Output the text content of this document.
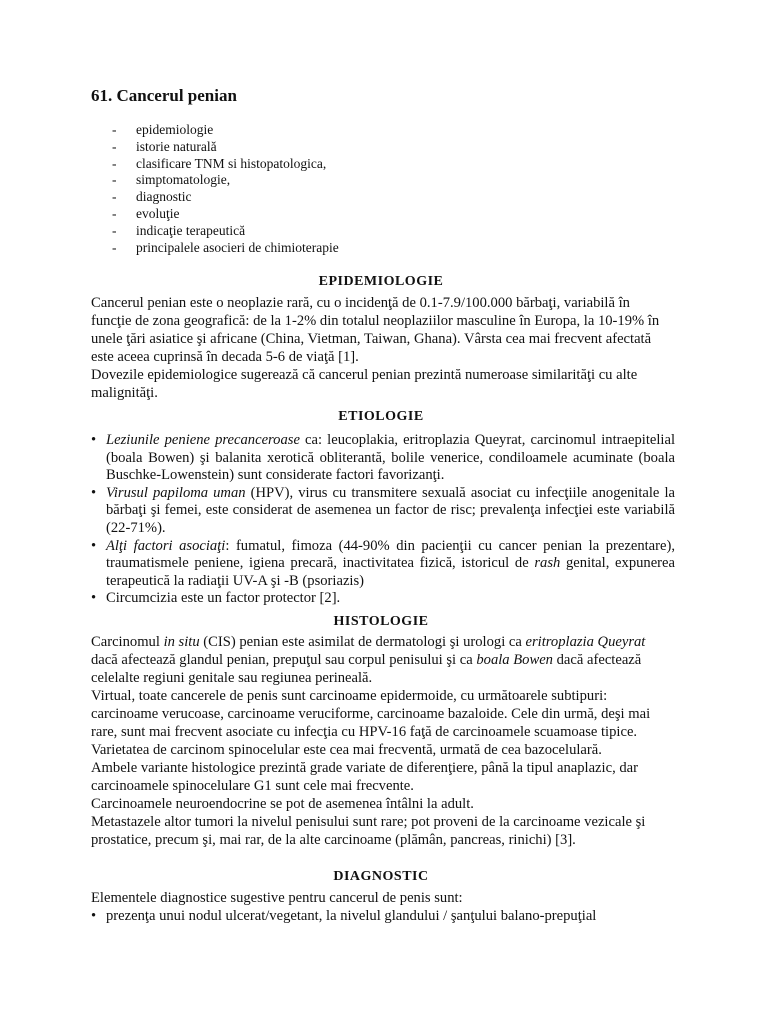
61. Cancerul penian
- epidemiologie
- istorie naturală
- clasificare TNM si histopatologica,
- simptomatologie,
- diagnostic
- evoluţie
- indicaţie terapeutică
- principalele asocieri de chimioterapie
EPIDEMIOLOGIE

Cancerul penian este o neoplazie rară, cu o incidenţă de 0.1-7.9/100.000 bărbaţi, variabilă în funcţie de zona geografică: de la 1-2% din totalul neoplaziilor masculine în Europa, la 10-19% în unele ţări asiatice şi africane (China, Vietman, Taiwan, Ghana). Vârsta cea mai frecvent afectată este aceea cuprinsă în decada 5-6 de viaţă [1].

Dovezile epidemiologice sugerează că cancerul penian prezintă numeroase similarităţi cu alte malignităţi.

ETIOLOGIE
• Leziunile peniene precanceroase ca: leucoplakia, eritroplazia Queyrat, carcinomul intraepitelial (boala Bowen) şi balanita xerotică obliterantă, bolile venerice, condiloamele acuminate (boala Buschke-Lowenstein) sunt considerate factori favorizanţi.
• Virusul papiloma uman (HPV), virus cu transmitere sexuală asociat cu infecţiile anogenitale la bărbaţi şi femei, este considerat de asemenea un factor de risc; prevalenţa infecţiei este variabilă (22-71%).
• Alţi factori asociaţi: fumatul, fimoza (44-90% din pacienţii cu cancer penian la prezentare), traumatismele peniene, igiena precară, inactivitatea fizică, istoricul de rash genital, expunerea terapeutică la radiaţii UV-A şi -B (psoriazis)
• Circumcizia este un factor protector [2].
HISTOLOGIE

Carcinomul in situ (CIS) penian este asimilat de dermatologi şi urologi ca eritroplazia Queyrat dacă afectează glandul penian, prepuţul sau corpul penisului şi ca boala Bowen dacă afectează celelalte regiuni genitale sau regiunea perineală.

Virtual, toate cancerele de penis sunt carcinoame epidermoide, cu următoarele subtipuri: carcinoame verucoase, carcinoame veruciforme, carcinoame bazaloide. Cele din urmă, deşi mai rare, sunt mai frecvent asociate cu infecţia cu HPV-16 faţă de carcinoamele scuamoase tipice.

Varietatea de carcinom spinocelular este cea mai frecventă, urmată de cea bazocelulară.

Ambele variante histologice prezintă grade variate de diferenţiere, până la tipul anaplazic, dar carcinoamele spinocelulare G1 sunt cele mai frecvente.

Carcinoamele neuroendocrine se pot de asemenea întâlni la adult.

Metastazele altor tumori la nivelul penisului sunt rare; pot proveni de la carcinoame vezicale şi prostatice, precum şi, mai rar, de la alte carcinoame (plămân, pancreas, rinichi) [3].

DIAGNOSTIC

Elementele diagnostice sugestive pentru cancerul de penis sunt:

• prezenţa unui nodul ulcerat/vegetant, la nivelul glandului / şanţului balano-prepuţial
